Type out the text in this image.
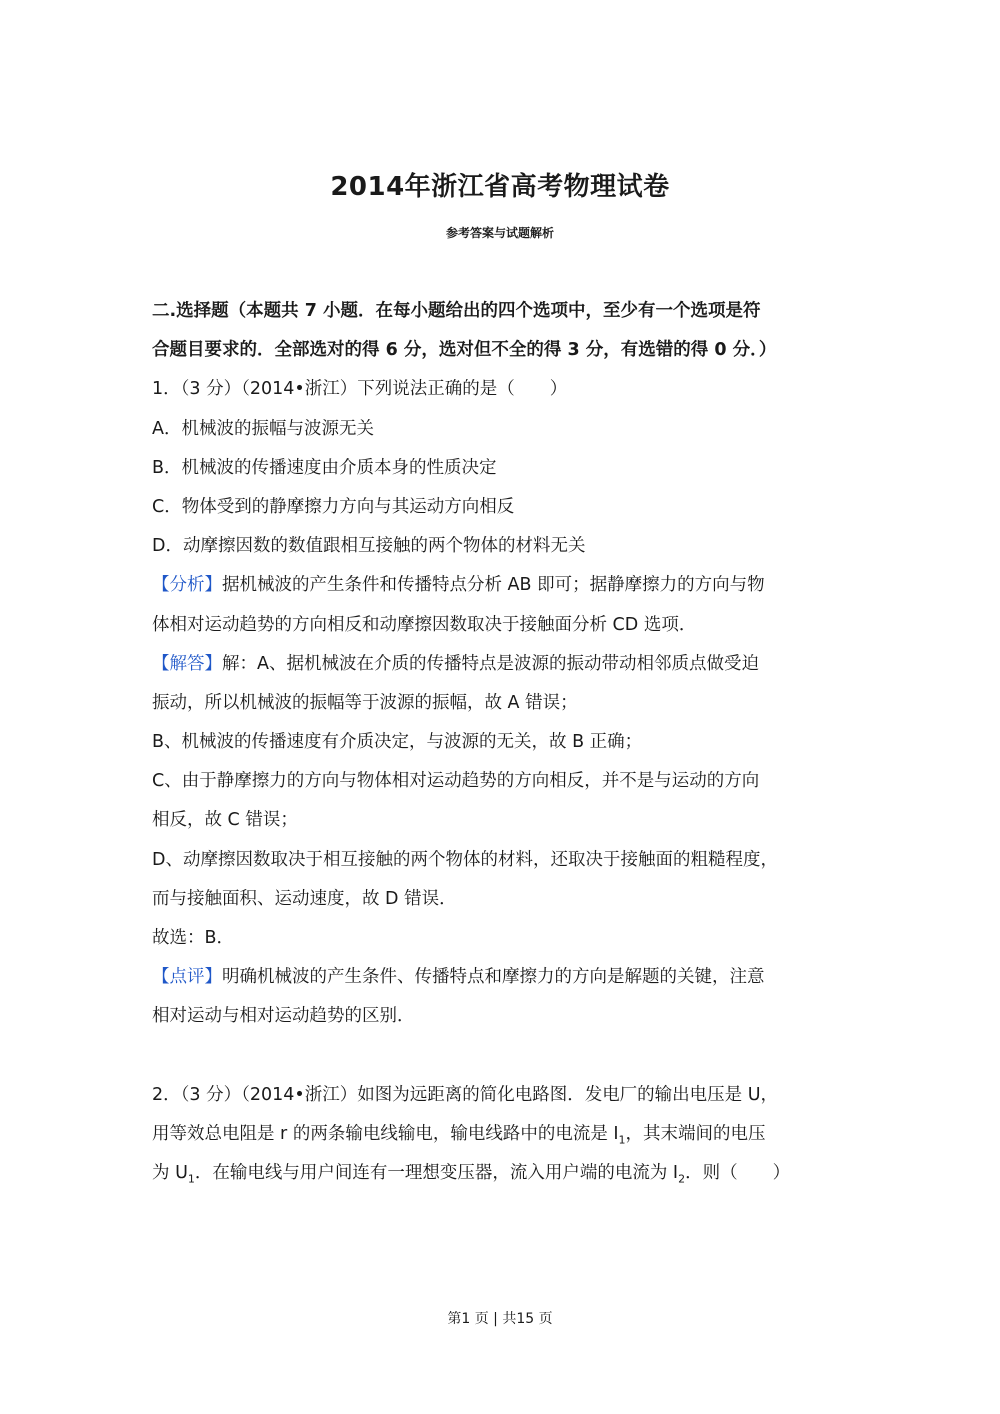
2014年浙江省高考物理试卷
参考答案与试题解析
二.选择题（本题共 7 小题．在每小题给出的四个选项中，至少有一个选项是符
合题目要求的．全部选对的得 6 分，选对但不全的得 3 分，有选错的得 0 分．）
1．（3 分）（2014•浙江）下列说法正确的是（　　）
A．机械波的振幅与波源无关
B．机械波的传播速度由介质本身的性质决定
C．物体受到的静摩擦力方向与其运动方向相反
D．动摩擦因数的数值跟相互接触的两个物体的材料无关
【分析】据机械波的产生条件和传播特点分析 AB 即可；据静摩擦力的方向与物
体相对运动趋势的方向相反和动摩擦因数取决于接触面分析 CD 选项．
【解答】解：A、据机械波在介质的传播特点是波源的振动带动相邻质点做受迫
振动，所以机械波的振幅等于波源的振幅，故 A 错误；
B、机械波的传播速度有介质决定，与波源的无关，故 B 正确；
C、由于静摩擦力的方向与物体相对运动趋势的方向相反，并不是与运动的方向
相反，故 C 错误；
D、动摩擦因数取决于相互接触的两个物体的材料，还取决于接触面的粗糙程度，
而与接触面积、运动速度，故 D 错误．
故选：B．
【点评】明确机械波的产生条件、传播特点和摩擦力的方向是解题的关键，注意
相对运动与相对运动趋势的区别．
2．（3 分）（2014•浙江）如图为远距离的简化电路图．发电厂的输出电压是 U，
用等效总电阻是 r 的两条输电线输电，输电线路中的电流是 $I_1$，其末端间的电压
为 $U_1$．在输电线与用户间连有一理想变压器，流入用户端的电流为 $I_2$．则（　　）
第1 页 | 共15 页
